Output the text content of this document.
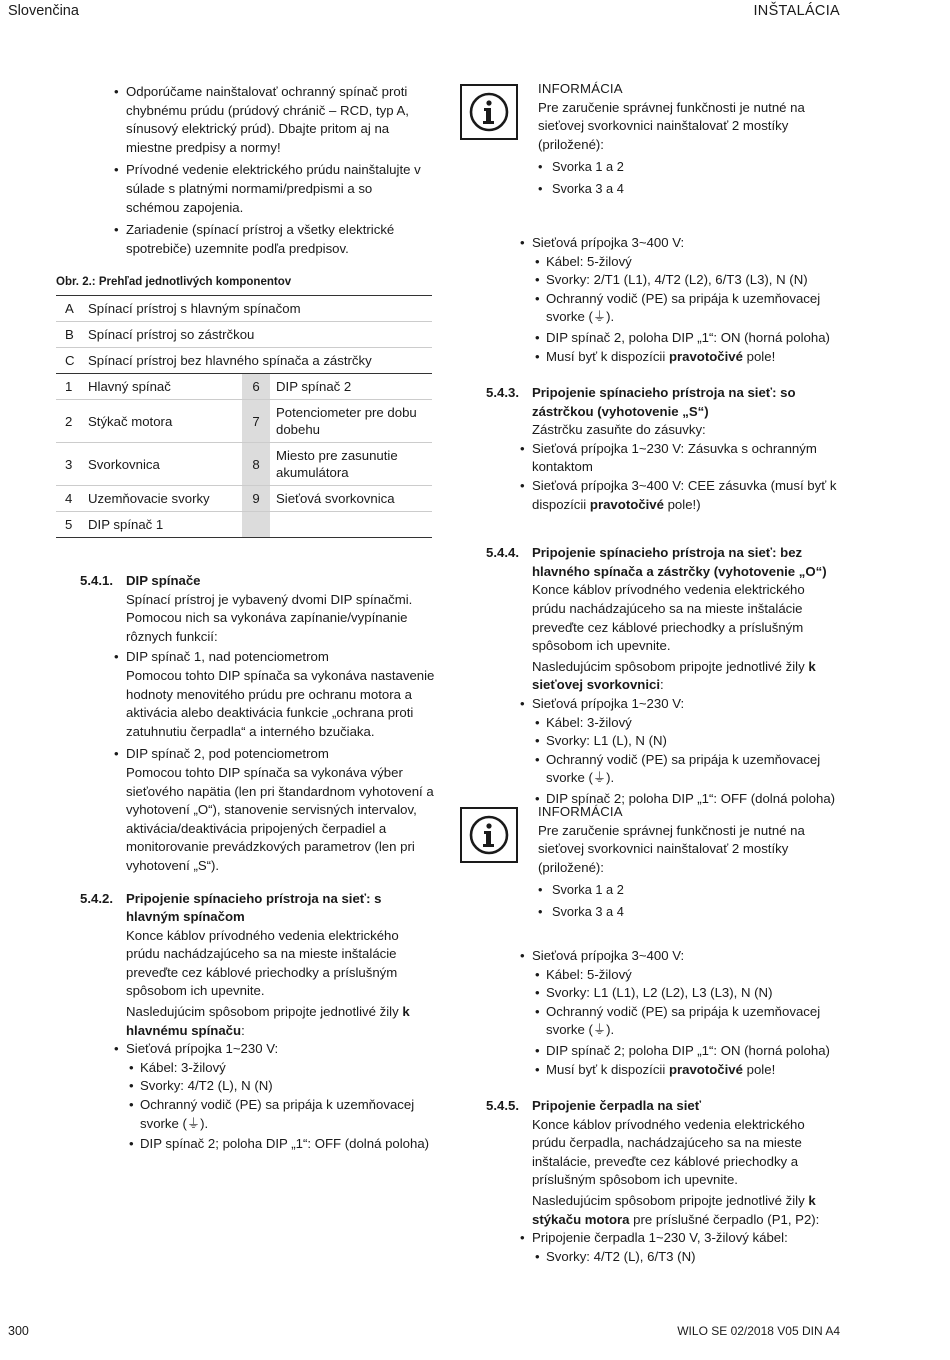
Slovenčina	INŠTALÁCIA
300	WILO SE 02/2018 V05 DIN A4
• Odporúčame nainštalovať ochranný spínač proti chybnému prúdu (prúdový chránič – RCD, typ A, sínusový elektrický prúd). Dbajte pritom aj na miestne predpisy a normy!
• Prívodné vedenie elektrického prúdu nainštalujte v súlade s platnými normami/predpismi a so schémou zapojenia.
• Zariadenie (spínací prístroj a všetky elektrické spotrebiče) uzemnite podľa predpisov.
Obr. 2.: Prehľad jednotlivých komponentov
A	Spínací prístroj s hlavným spínačom		
B	Spínací prístroj so zástrčkou		
C	Spínací prístroj bez hlavného spínača a zástrčky		
1	Hlavný spínač	6	DIP spínač 2
2	Stýkač motora	7	Potenciometer pre dobu dobehu
3	Svorkovnica	8	Miesto pre zasunutie akumulátora
4	Uzemňovacie svorky	9	Sieťová svorkovnica
5	DIP spínač 1		
5.4.1. DIP spínače
Spínací prístroj je vybavený dvomi DIP spínačmi. Pomocou nich sa vykonáva zapínanie/vypínanie rôznych funkcií:
• DIP spínač 1, nad potenciometrom
Pomocou tohto DIP spínača sa vykonáva nastavenie hodnoty menovitého prúdu pre ochranu motora a aktivácia alebo deaktivácia funkcie „ochrana proti zatuhnutiu čerpadla“ a interného bzučiaka.
• DIP spínač 2, pod potenciometrom
Pomocou tohto DIP spínača sa vykonáva výber sieťového napätia (len pri štandardnom vyhotovení a vyhotovení „O“), stanovenie servisných intervalov, aktivácia/deaktivácia pripojených čerpadiel a monitorovanie prevádzkových parametrov (len pri vyhotovení „S“).
5.4.2. Pripojenie spínacieho prístroja na sieť: s hlavným spínačom
Konce káblov prívodného vedenia elektrického prúdu nachádzajúceho sa na mieste inštalácie preveďte cez káblové priechodky a príslušným spôsobom ich upevnite.
Nasledujúcim spôsobom pripojte jednotlivé žily k hlavnému spínaču:
• Sieťová prípojka 1~230 V:
• Kábel: 3-žilový
• Svorky: 4/T2 (L), N (N)
• Ochranný vodič (PE) sa pripája k uzemňovacej svorke (⏚).
• DIP spínač 2; poloha DIP „1“: OFF (dolná poloha)
INFORMÁCIA
Pre zaručenie správnej funkčnosti je nutné na sieťovej svorkovnici nainštalovať 2 mostíky (priložené):
• Svorka 1 a 2
• Svorka 3 a 4
• Sieťová prípojka 3~400 V:
• Kábel: 5-žilový
• Svorky: 2/T1 (L1), 4/T2 (L2), 6/T3 (L3), N (N)
• Ochranný vodič (PE) sa pripája k uzemňovacej svorke (⏚).
• DIP spínač 2, poloha DIP „1“: ON (horná poloha)
• Musí byť k dispozícii pravotočivé pole!
5.4.3. Pripojenie spínacieho prístroja na sieť: so zástrčkou (vyhotovenie „S“)
Zástrčku zasuňte do zásuvky:
• Sieťová prípojka 1~230 V: Zásuvka s ochranným kontaktom
• Sieťová prípojka 3~400 V: CEE zásuvka (musí byť k dispozícii pravotočivé pole!)
5.4.4. Pripojenie spínacieho prístroja na sieť: bez hlavného spínača a zástrčky (vyhotovenie „O“)
Konce káblov prívodného vedenia elektrického prúdu nachádzajúceho sa na mieste inštalácie preveďte cez káblové priechodky a príslušným spôsobom ich upevnite.
Nasledujúcim spôsobom pripojte jednotlivé žily k sieťovej svorkovnici:
• Sieťová prípojka 1~230 V:
• Kábel: 3-žilový
• Svorky: L1 (L), N (N)
• Ochranný vodič (PE) sa pripája k uzemňovacej svorke (⏚).
• DIP spínač 2; poloha DIP „1“: OFF (dolná poloha)
INFORMÁCIA
Pre zaručenie správnej funkčnosti je nutné na sieťovej svorkovnici nainštalovať 2 mostíky (priložené):
• Svorka 1 a 2
• Svorka 3 a 4
• Sieťová prípojka 3~400 V:
• Kábel: 5-žilový
• Svorky: L1 (L1), L2 (L2), L3 (L3), N (N)
• Ochranný vodič (PE) sa pripája k uzemňovacej svorke (⏚).
• DIP spínač 2; poloha DIP „1“: ON (horná poloha)
• Musí byť k dispozícii pravotočivé pole!
5.4.5. Pripojenie čerpadla na sieť
Konce káblov prívodného vedenia elektrického prúdu čerpadla, nachádzajúceho sa na mieste inštalácie, preveďte cez káblové priechodky a príslušným spôsobom ich upevnite.
Nasledujúcim spôsobom pripojte jednotlivé žily k stýkaču motora pre príslušné čerpadlo (P1, P2):
• Pripojenie čerpadla 1~230 V, 3-žilový kábel:
• Svorky: 4/T2 (L), 6/T3 (N)
